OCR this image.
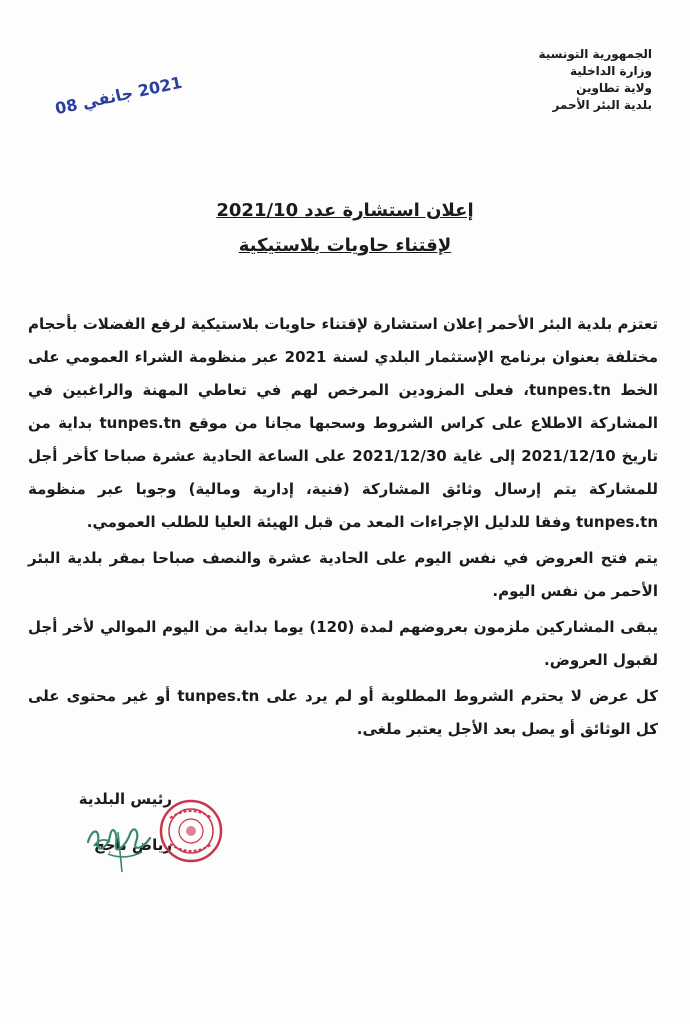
الجمهورية التونسية
وزارة الداخلية
ولاية تطاوين
بلدية البئر الأحمر
2021 جانفي 08
إعلان استشارة عدد 2021/10
لإقتناء حاويات بلاستيكية

تعتزم بلدية البئر الأحمر إعلان استشارة لإقتناء حاويات بلاستيكية لرفع الفضلات بأحجام مختلفة بعنوان برنامج الإستثمار البلدي لسنة 2021 عبر منظومة الشراء العمومي على الخط tunpes.tn، فعلى المزودين المرخص لهم في تعاطي المهنة والراغبين في المشاركة الاطلاع على كراس الشروط وسحبها مجانا من موقع tunpes.tn بداية من تاريخ 2021/12/10 إلى غاية 2021/12/30 على الساعة الحادية عشرة صباحا كأخر أجل للمشاركة يتم إرسال وثائق المشاركة (فنية، إدارية ومالية) وجوبا عبر منظومة tunpes.tn وفقا للدليل الإجراءات المعد من قبل الهيئة العليا للطلب العمومي.

يتم فتح العروض في نفس اليوم على الحادية عشرة والنصف صباحا بمقر بلدية البئر الأحمر من نفس اليوم.

يبقى المشاركين ملزمون بعروضهم لمدة (120) يوما بداية من اليوم الموالي لأخر أجل لقبول العروض.

كل عرض لا يحترم الشروط المطلوبة أو لم يرد على tunpes.tn أو غير محتوى على كل الوثائق أو يصل بعد الأجل يعتبر ملغى.

رئيس البلدية
رياض ناجح
